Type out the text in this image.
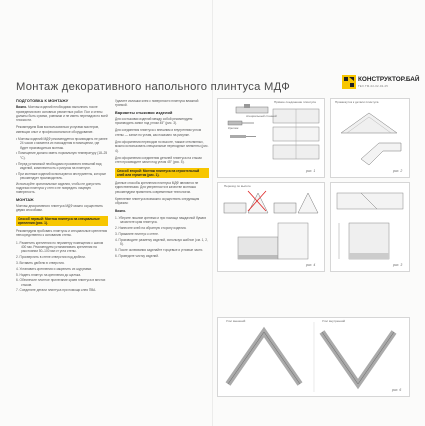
Монтаж декоративного напольного плинтуса МДФ
КОНСТРУКТОР.БАЙ
ТЕХ.ТМ-02-02-02-25
ПОДГОТОВКА К МОНТАЖУ
Важно. Монтаж изделий необходимо выполнять после проведения всех основных ремонтных работ. Пол и стены должны быть сухими, ровными и не иметь перепадов по всей плоскости.
Рекомендуем Вам воспользоваться услугами мастеров, имеющих опыт и профессиональное оборудование.
• Монтаж изделий МДФ рекомендуется производить не ранее 24 часов с момента их нахождения в помещении, где будет производиться монтаж.
• Помещение должно иметь нормальную температуру (18–25 °С).
• Перед установкой необходимо произвести внешний вид изделий, комплектность и рисунок на плинтусе.
• При монтаже изделий используются инструменты, которые рекомендует производитель.
Используйте оригинальные изделия, чтобы не допустить подрезки плинтуса у стен и не повредить лицевую поверхность.
МОНТАЖ
Монтаж декоративного плинтуса МДФ можно осуществить двумя способами.
Способ первый: Монтаж плинтуса на специальные крепления (рис. 1).
Рекомендуем пробовать плинтусы и специальные крепления непосредственно к основанию стены.
1. Разметить крепления по периметру помещения с шагом 400 мм. Рекомендуем устанавливать крепления на расстоянии 50–100 мм от угла стены.
2. Просверлить в стене отверстия под дюбели.
3. Вставить дюбели в отверстия.
4. Установить крепления и закрепить их шурупами.
5. Надеть плинтус на крепления до щелчка.
6. Обеспечьте плотное прилегание краев плинтуса в местах стыков.
7. Соедините детали плинтуса при помощи клея ПВА.
Удалите излишки клея с поверхности плинтуса влажной тряпкой.
Варианты стыковки изделий
Для состыковки изделий между собой рекомендуем производить запил под углом 45° (рис. 3).
Для соединения плинтуса с внешним и внутренним углом стены — запил по углам, как показано на рисунке.
Для оформления переходов по высоте, такжке стеклянных, можно использовать специальные переходные элементы (рис. 4).
Для оформления соединения деталей плинтуса на стыках стен производите запил под углом 45° (рис. 5).
Способ второй: Монтаж плинтуса на строительный клей или герметик (рис. 1).
Данные способы крепления плинтуса МДФ являются не единственными. Для уверенности в качестве монтажа рекомендуем применять современные технологии.
Крепление плинтуса возможно осуществить следующим образом:
Важно.
1. Уберите лишние крепежи и при помощи наждачной бумаги зачистите края плинтуса.
2. Нанесите клей на обратную сторону изделия.
3. Прижмите плинтус к стене.
4. Производите разметку изделий, используя шаблон (см. 1, 2, 5).
5. После оклеивания заделайте торцевые и угловые части.
6. Проведите чистку изделий.
Крепеж
специальный стенной
Прямое соединение плинтуса
рис. 1
Промежуток к детали плинтуса
рис. 2
Переход по высоте
рис. 4	рис. 3
Угол внешний	Угол внутренний
рис. 6
